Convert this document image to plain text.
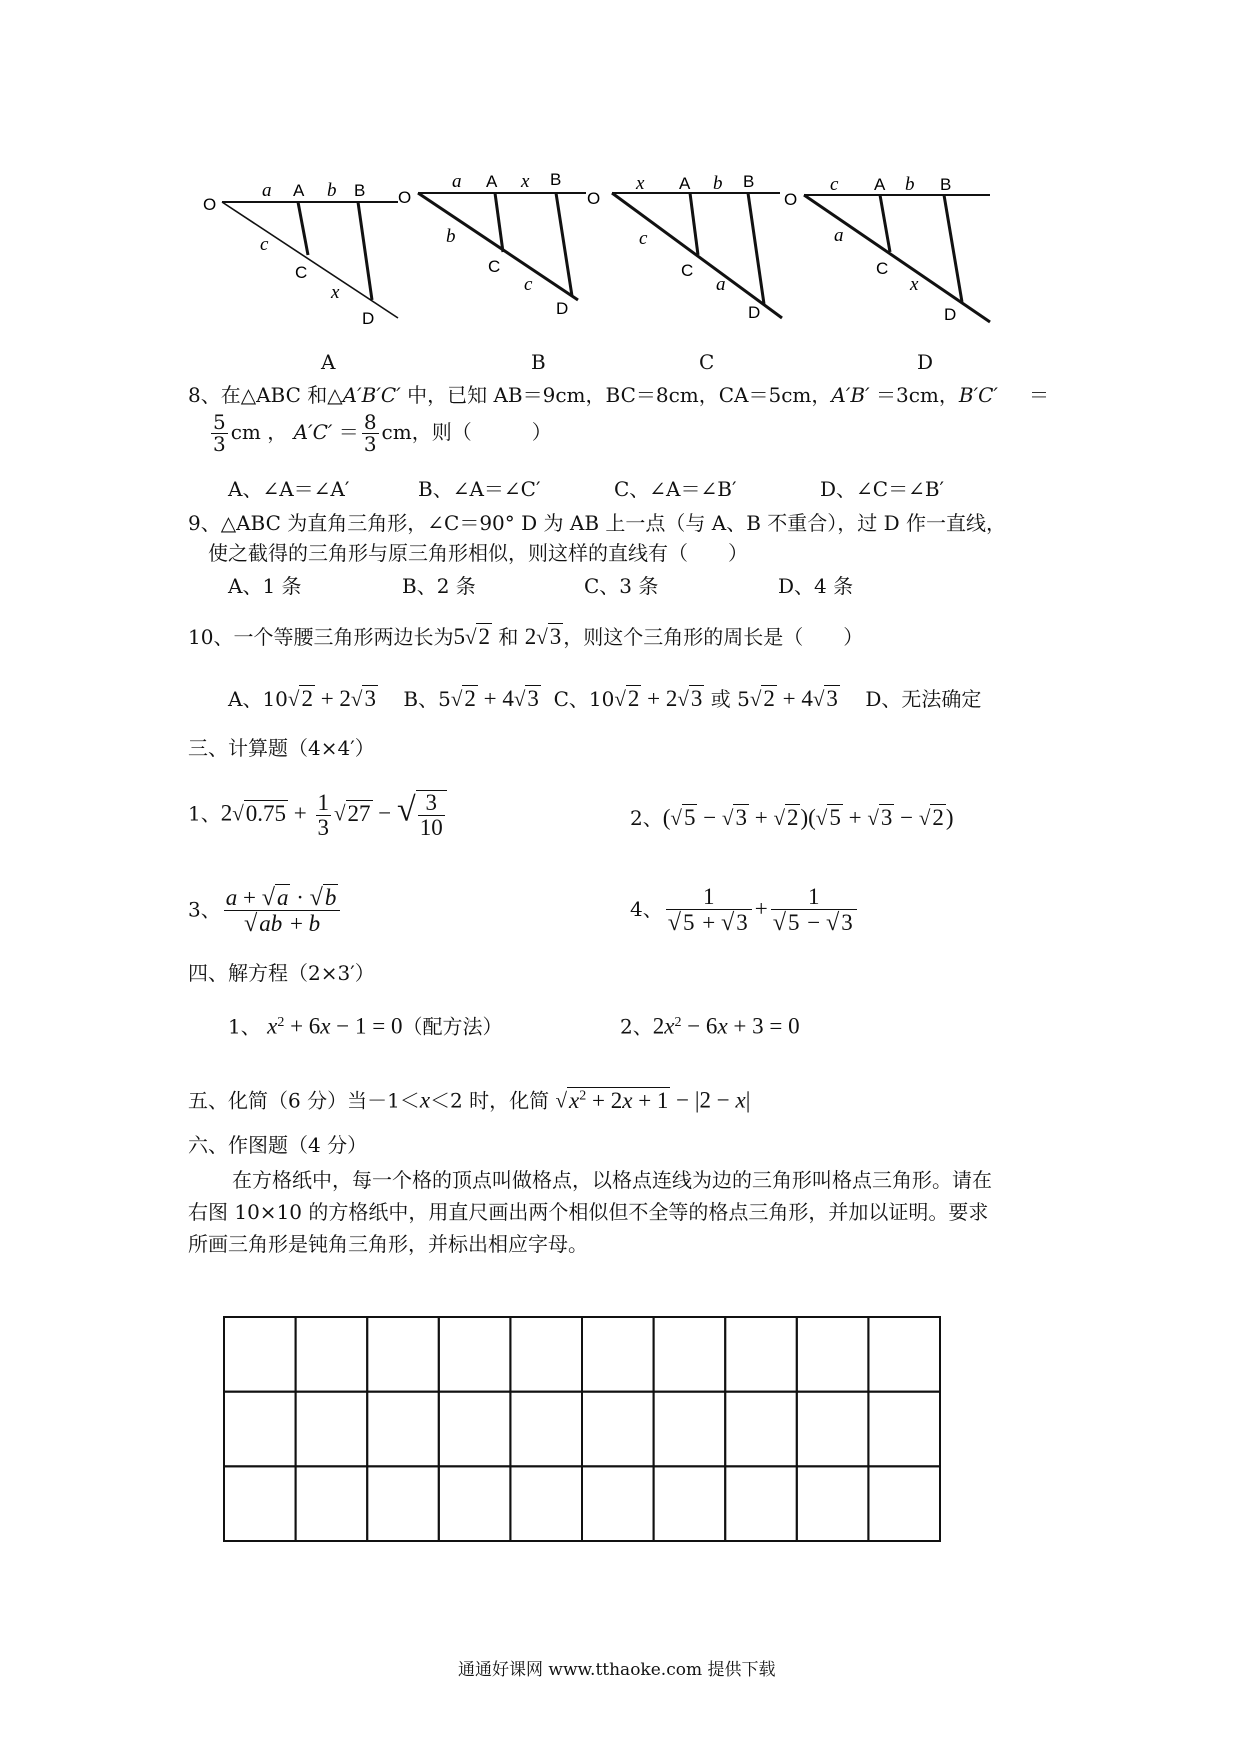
O
a A b B
c
C
x
D
O
a A x B
b
C
c
D
O
x A b B
c
C
a
D
O
c A b B
a
C
x
D
A	B	C	D
8、在△ABC 和△A′B′C′ 中，已知 AB＝9cm，BC＝8cm，CA＝5cm，A′B′ ＝3cm，B′C′ ＝
$\frac{5}{3}$ cm ， $A'C' = \frac{8}{3}$ cm，则（　　　）
A、∠A＝∠A′	B、∠A＝∠C′	C、∠A＝∠B′	D、∠C＝∠B′
9、△ABC 为直角三角形，∠C＝90° D 为 AB 上一点（与 A、B 不重合），过 D 作一直线，
使之截得的三角形与原三角形相似，则这样的直线有（　　）
A、1 条	B、2 条	C、3 条	D、4 条
10、一个等腰三角形两边长为5√2 和 2√3 ，则这个三角形的周长是（　　）
A、10√2 + 2√3 B、5√2 + 4√3 C、10√2 + 2√3 或 5√2 + 4√3 D、无法确定
三、计算题（4×4′）
1、$2√0.75 + \frac{1}{3} √27$ − √ $\frac{3}{10}$	2、(√5 − √3 + √2)(√5 + √3 − √2)
3、 $\frac{a + √a \cdot √b}{√ab + b}$	4、 $\frac{1}{√5 + √3} + \frac{1}{√5 - √3}$
四、解方程（2×3′）
1、 $x^2 + 6x - 1 = 0$（配方法）	2、$2x^2 - 6x + 3 = 0$
五、化简（6 分）当－1＜x＜2 时，化简 $√x^2 + 2x + 1 - |2 - x|$
六、作图题（4 分）
在方格纸中，每一个格的顶点叫做格点，以格点连线为边的三角形叫格点三角形。请在
右图 10×10 的方格纸中，用直尺画出两个相似但不全等的格点三角形，并加以证明。要求
所画三角形是钝角三角形，并标出相应字母。
通通好课网 www.tthaoke.com 提供下载
